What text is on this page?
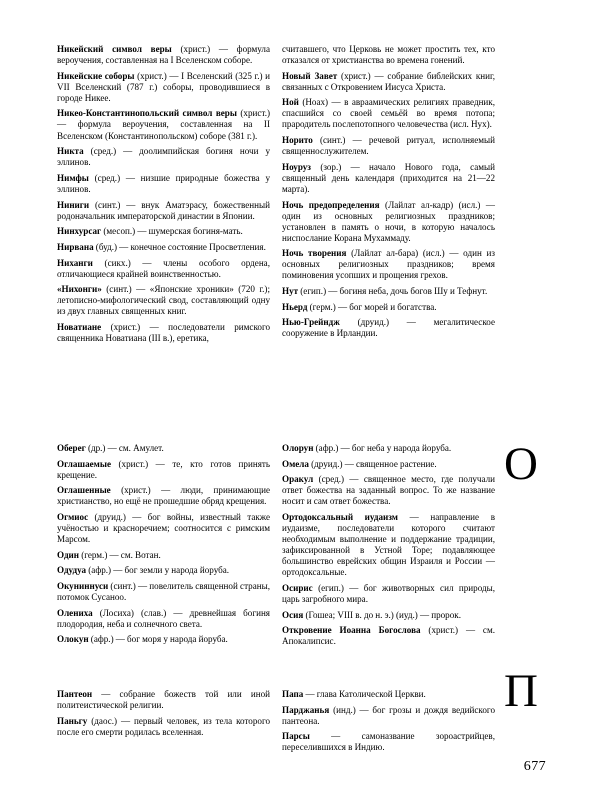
Никейский символ веры (христ.) — формула вероучения, составленная на I Вселенском соборе.

Никейские соборы (христ.) — I Вселенский (325 г.) и VII Вселенский (787 г.) соборы, проводившиеся в городе Никее.

Никео-Константинопольский символ веры (христ.) — формула вероучения, составленная на II Вселенском (Константинопольском) соборе (381 г.).

Никта (сред.) — доолимпийская богиня ночи у эллинов.

Нимфы (сред.) — низшие природные божества у эллинов.

Ниниги (синт.) — внук Аматэрасу, божественный родоначальник императорской династии в Японии.

Нинхурсаг (месоп.) — шумерская богиня-мать.

Нирвана (буд.) — конечное состояние Просветления.

Ниханги (сикх.) — члены особого ордена, отличающиеся крайней воинственностью.

«Нихонги» (синт.) — «Японские хроники» (720 г.); летописно-мифологический свод, составляющий одну из двух главных священных книг.

Новатиане (христ.) — последователи римского священника Новатиана (III в.), еретика,

считавшего, что Церковь не может простить тех, кто отказался от христианства во времена гонений.

Новый Завет (христ.) — собрание библейских книг, связанных с Откровением Иисуса Христа.

Ной (Ноах) — в авраамических религиях праведник, спасшийся со своей семьёй во время потопа; прародитель послепотопного человечества (исл. Нух).

Норито (синт.) — речевой ритуал, исполняемый священнослужителем.

Ноуруз (зор.) — начало Нового года, самый священный день календаря (приходится на 21—22 марта).

Ночь предопределения (Лайлат ал-кадр) (исл.) — один из основных религиозных праздников; установлен в память о ночи, в которую началось ниспослание Корана Мухаммаду.

Ночь творения (Лайлат ал-бара) (исл.) — один из основных религиозных праздников; время поминовения усопших и прощения грехов.

Нут (егип.) — богиня неба, дочь богов Шу и Тефнут.

Ньерд (герм.) — бог морей и богатства.

Нью-Грейндж (друид.) — мегалитическое сооружение в Ирландии.

Оберег (др.) — см. Амулет.

Оглашаемые (христ.) — те, кто готов принять крещение.

Оглашенные (христ.) — люди, принимающие христианство, но ещё не прошедшие обряд крещения.

Огмиос (друид.) — бог войны, известный также учёностью и красноречием; соотносится с римским Марсом.

Один (герм.) — см. Вотан.

Одудуа (афр.) — бог земли у народа йоруба.

Окуниннуси (синт.) — повелитель священной страны, потомок Сусаноо.

Олениха (Лосиха) (слав.) — древнейшая богиня плодородия, неба и солнечного света.

Олокун (афр.) — бог моря у народа йоруба.

Олорун (афр.) — бог неба у народа йоруба.

Омела (друид.) — священное растение.

Оракул (сред.) — священное место, где получали ответ божества на заданный вопрос. То же название носит и сам ответ божества.

Ортодоксальный иудаизм — направление в иудаизме, последователи которого считают необходимым выполнение и поддержание традиции, зафиксированной в Устной Торе; подавляющее большинство еврейских общин Израиля и России — ортодоксальные.

Осирис (егип.) — бог животворных сил природы, царь загробного мира.

Осия (Гошеа; VIII в. до н. э.) (иуд.) — пророк.

Откровение Иоанна Богослова (христ.) — см. Апокалипсис.

Пантеон — собрание божеств той или иной политеистической религии.

Паньгу (даос.) — первый человек, из тела которого после его смерти родилась вселенная.

Папа — глава Католической Церкви.

Парджанья (инд.) — бог грозы и дождя ведийского пантеона.

Парсы — самоназвание зороастрийцев, переселившихся в Индию.

О
П
677
